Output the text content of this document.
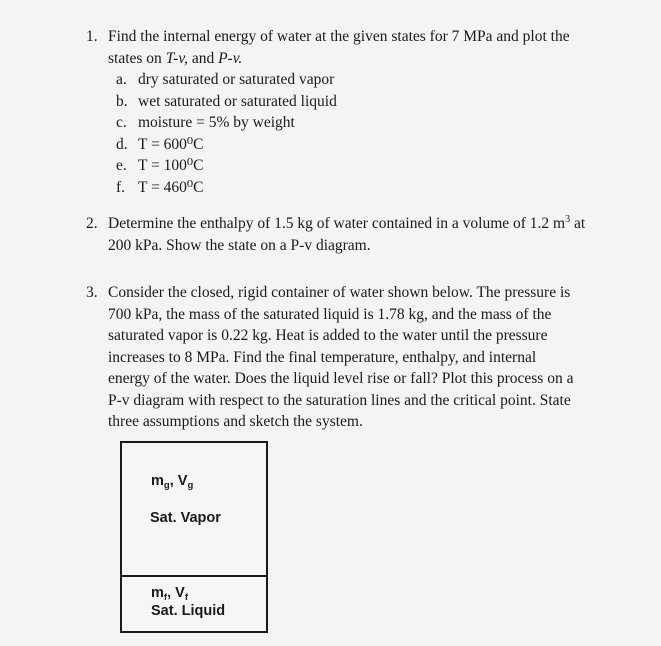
1. Find the internal energy of water at the given states for 7 MPa and plot the
states on T-v, and P-v.
a. dry saturated or saturated vapor
b. wet saturated or saturated liquid
c. moisture = 5% by weight
d. T = 600⁰C
e. T = 100⁰C
f. T = 460⁰C
2. Determine the enthalpy of 1.5 kg of water contained in a volume of 1.2 $m^3$ at
200 kPa. Show the state on a P-v diagram.
3. Consider the closed, rigid container of water shown below. The pressure is
700 kPa, the mass of the saturated liquid is 1.78 kg, and the mass of the
saturated vapor is 0.22 kg. Heat is added to the water until the pressure
increases to 8 MPa. Find the final temperature, enthalpy, and internal
energy of the water. Does the liquid level rise or fall? Plot this process on a
P-v diagram with respect to the saturation lines and the critical point. State
three assumptions and sketch the system.
$m_g$, $V_g$
Sat. Vapor
$m_f$, $V_f$
Sat. Liquid
